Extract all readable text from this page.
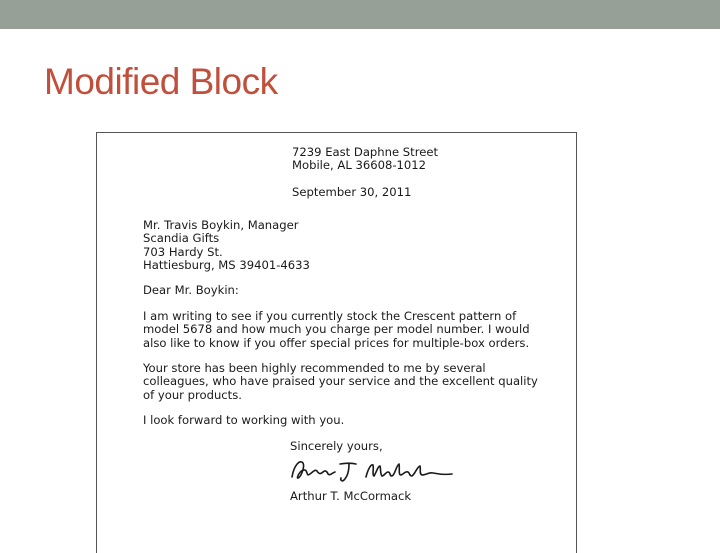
Modified Block
7239 East Daphne Street
Mobile, AL 36608-1012
September 30, 2011
Mr. Travis Boykin, Manager
Scandia Gifts
703 Hardy St.
Hattiesburg, MS 39401-4633
Dear Mr. Boykin:
I am writing to see if you currently stock the Crescent pattern of
model 5678 and how much you charge per model number. I would
also like to know if you offer special prices for multiple-box orders.
Your store has been highly recommended to me by several
colleagues, who have praised your service and the excellent quality
of your products.
I look forward to working with you.
Sincerely yours,
Arthur T. McCormack
